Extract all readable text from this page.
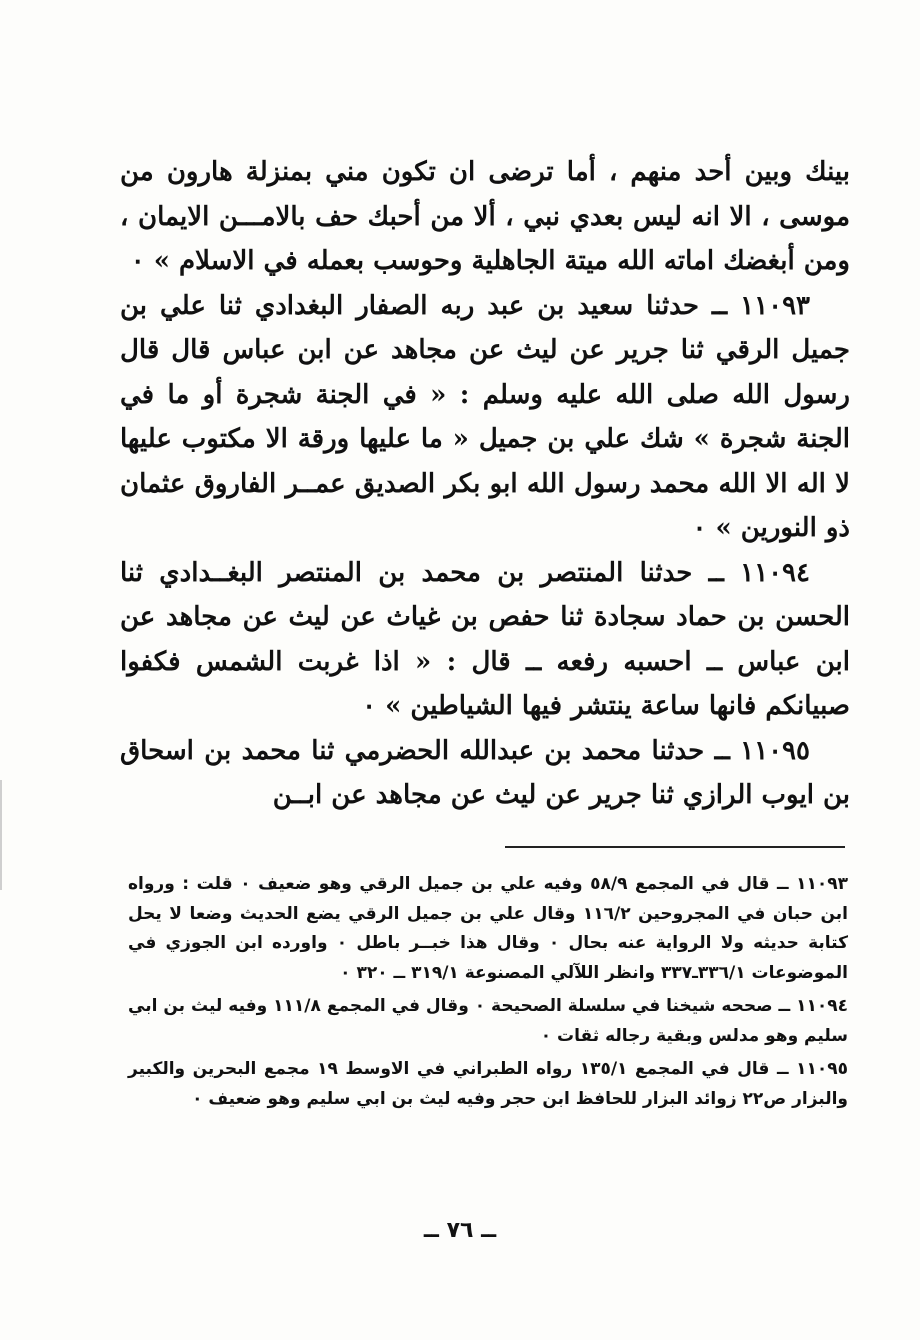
بينك وبين أحد منهم ، أما ترضى ان تكون مني بمنزلة هارون من موسى ، الا انه ليس بعدي نبي ، ألا من أحبك حف بالامـــن الايمان ، ومن أبغضك اماته الله ميتة الجاهلية وحوسب بعمله في الاسلام » ٠

١١٠٩٣ ــ حدثنا سعيد بن عبد ربه الصفار البغدادي ثنا علي بن جميل الرقي ثنا جرير عن ليث عن مجاهد عن ابن عباس قال قال رسول الله صلى الله عليه وسلم : « في الجنة شجرة أو ما في الجنة شجرة » شك علي بن جميل « ما عليها ورقة الا مكتوب عليها لا اله الا الله محمد رسول الله ابو بكر الصديق عمــر الفاروق عثمان ذو النورين » ٠

١١٠٩٤ ــ حدثنا المنتصر بن محمد بن المنتصر البغــدادي ثنا الحسن بن حماد سجادة ثنا حفص بن غياث عن ليث عن مجاهد عن ابن عباس ــ احسبه رفعه ــ قال : « اذا غربت الشمس فكفوا صبيانكم فانها ساعة ينتشر فيها الشياطين » ٠

١١٠٩٥ ــ حدثنا محمد بن عبدالله الحضرمي ثنا محمد بن اسحاق بن ايوب الرازي ثنا جرير عن ليث عن مجاهد عن ابــن

١١٠٩٣ ــ قال في المجمع ٥٨/٩ وفيه علي بن جميل الرقي وهو ضعيف ٠ قلت : ورواه ابن حبان في المجروحين ١١٦/٢ وقال علي بن جميل الرقي يضع الحديث وضعا لا يحل كتابة حديثه ولا الرواية عنه بحال ٠ وقال هذا خبــر باطل ٠ واورده ابن الجوزي في الموضوعات ٣٣٦/١ـ٣٣٧ وانظر اللآلي المصنوعة ٣١٩/١ ــ ٣٢٠ ٠

١١٠٩٤ ــ صححه شيخنا في سلسلة الصحيحة ٠ وقال في المجمع ١١١/٨ وفيه ليث بن ابي سليم وهو مدلس وبقية رجاله ثقات ٠

١١٠٩٥ ــ قال في المجمع ١٣٥/١ رواه الطبراني في الاوسط ١٩ مجمع البحرين والكبير والبزار ص٢٢ زوائد البزار للحافظ ابن حجر وفيه ليث بن ابي سليم وهو ضعيف ٠

ــ ٧٦ ــ
